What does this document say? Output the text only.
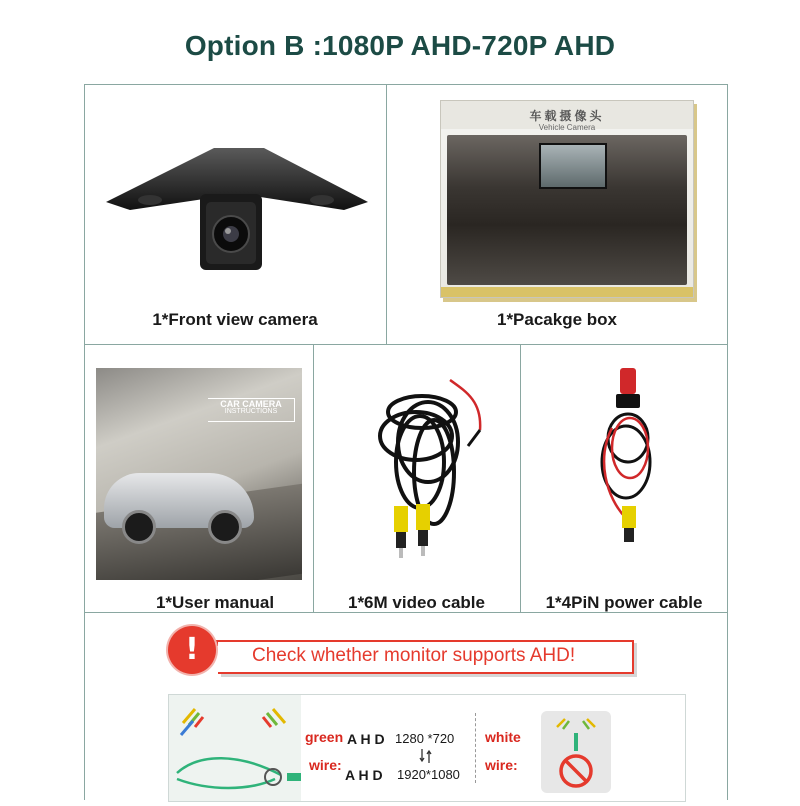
Option B :1080P AHD-720P AHD
1*Front view camera
车载摄像头
Vehicle Camera
1*Pacakge box
CAR CAMERA
INSTRUCTIONS
1*User manual	1*6M video cable	1*4PiN power cable
!	Check whether monitor supports AHD!
green A H D 1280 *720
wire:
A H D 1920*1080
white
wire:
